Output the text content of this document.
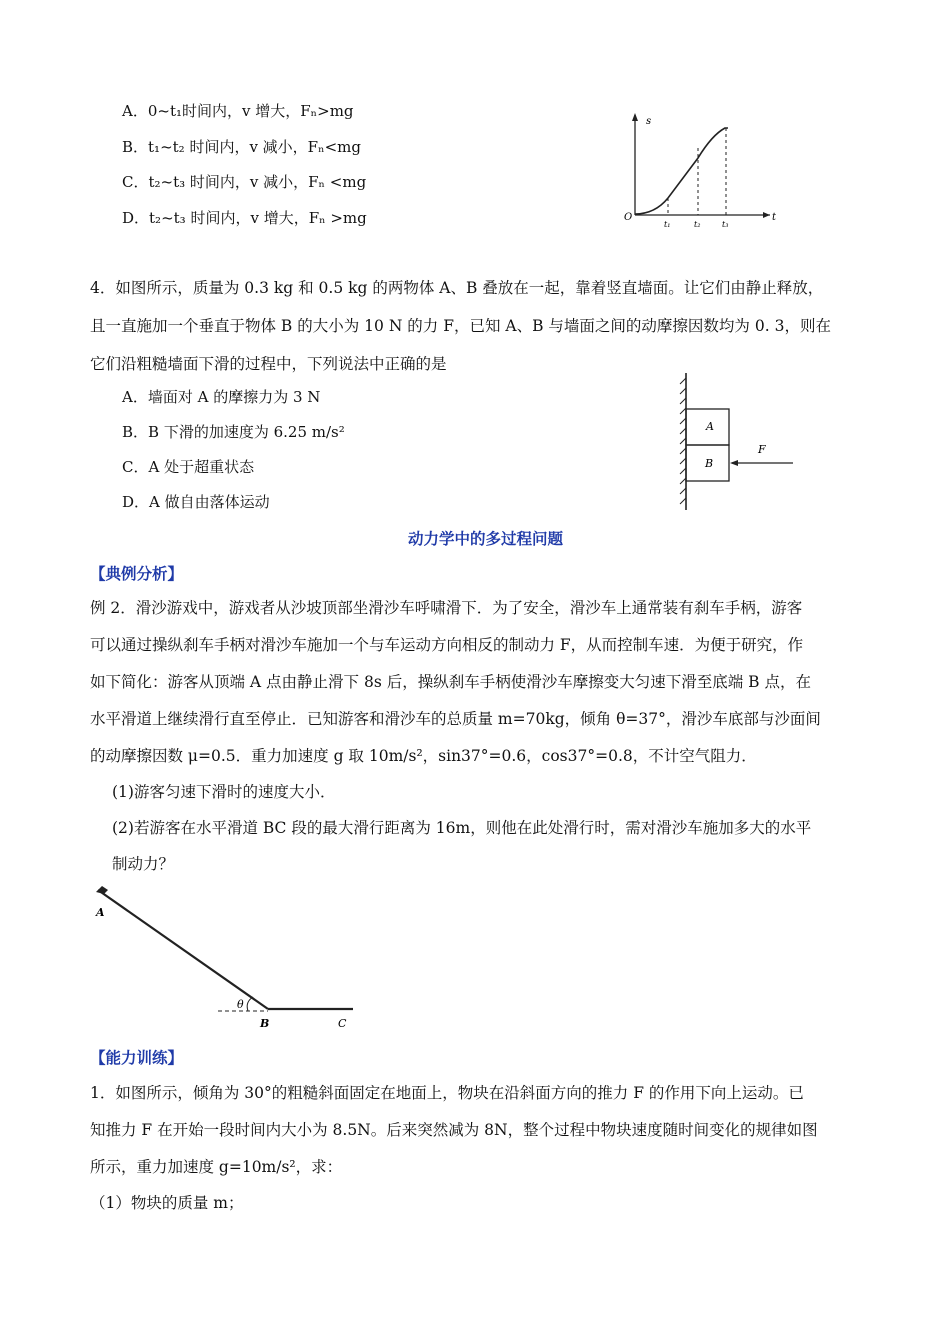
A．0~t₁时间内，v 增大，Fₙ>mg
B．t₁~t₂ 时间内，v 减小，Fₙ<mg
C．t₂~t₃ 时间内，v 减小，Fₙ <mg
D．t₂~t₃ 时间内，v 增大，Fₙ >mg
s
t
O
t₁	t₂	t₃
4．如图所示，质量为 0.3 kg 和 0.5 kg 的两物体 A、B 叠放在一起，靠着竖直墙面。让它们由静止释放，
且一直施加一个垂直于物体 B 的大小为 10 N 的力 F，已知 A、B 与墙面之间的动摩擦因数均为 0. 3，则在
它们沿粗糙墙面下滑的过程中，下列说法中正确的是
A．墙面对 A 的摩擦力为 3 N
B．B 下滑的加速度为 6.25 m/s²
C．A 处于超重状态
D．A 做自由落体运动
A
B
F
动力学中的多过程问题
【典例分析】
例 2．滑沙游戏中，游戏者从沙坡顶部坐滑沙车呼啸滑下．为了安全，滑沙车上通常装有刹车手柄，游客
可以通过操纵刹车手柄对滑沙车施加一个与车运动方向相反的制动力 F，从而控制车速．为便于研究，作
如下简化：游客从顶端 A 点由静止滑下 8s 后，操纵刹车手柄使滑沙车摩擦变大匀速下滑至底端 B 点，在
水平滑道上继续滑行直至停止．已知游客和滑沙车的总质量 m=70kg，倾角 θ=37°，滑沙车底部与沙面间
的动摩擦因数 μ=0.5．重力加速度 g 取 10m/s²，sin37°=0.6，cos37°=0.8，不计空气阻力．
(1)游客匀速下滑时的速度大小．
(2)若游客在水平滑道 BC 段的最大滑行距离为 16m，则他在此处滑行时，需对滑沙车施加多大的水平
制动力？
A
B	C
θ
【能力训练】
1．如图所示，倾角为 30°的粗糙斜面固定在地面上，物块在沿斜面方向的推力 F 的作用下向上运动。已
知推力 F 在开始一段时间内大小为 8.5N。后来突然减为 8N，整个过程中物块速度随时间变化的规律如图
所示，重力加速度 g=10m/s²，求：
（1）物块的质量 m；
